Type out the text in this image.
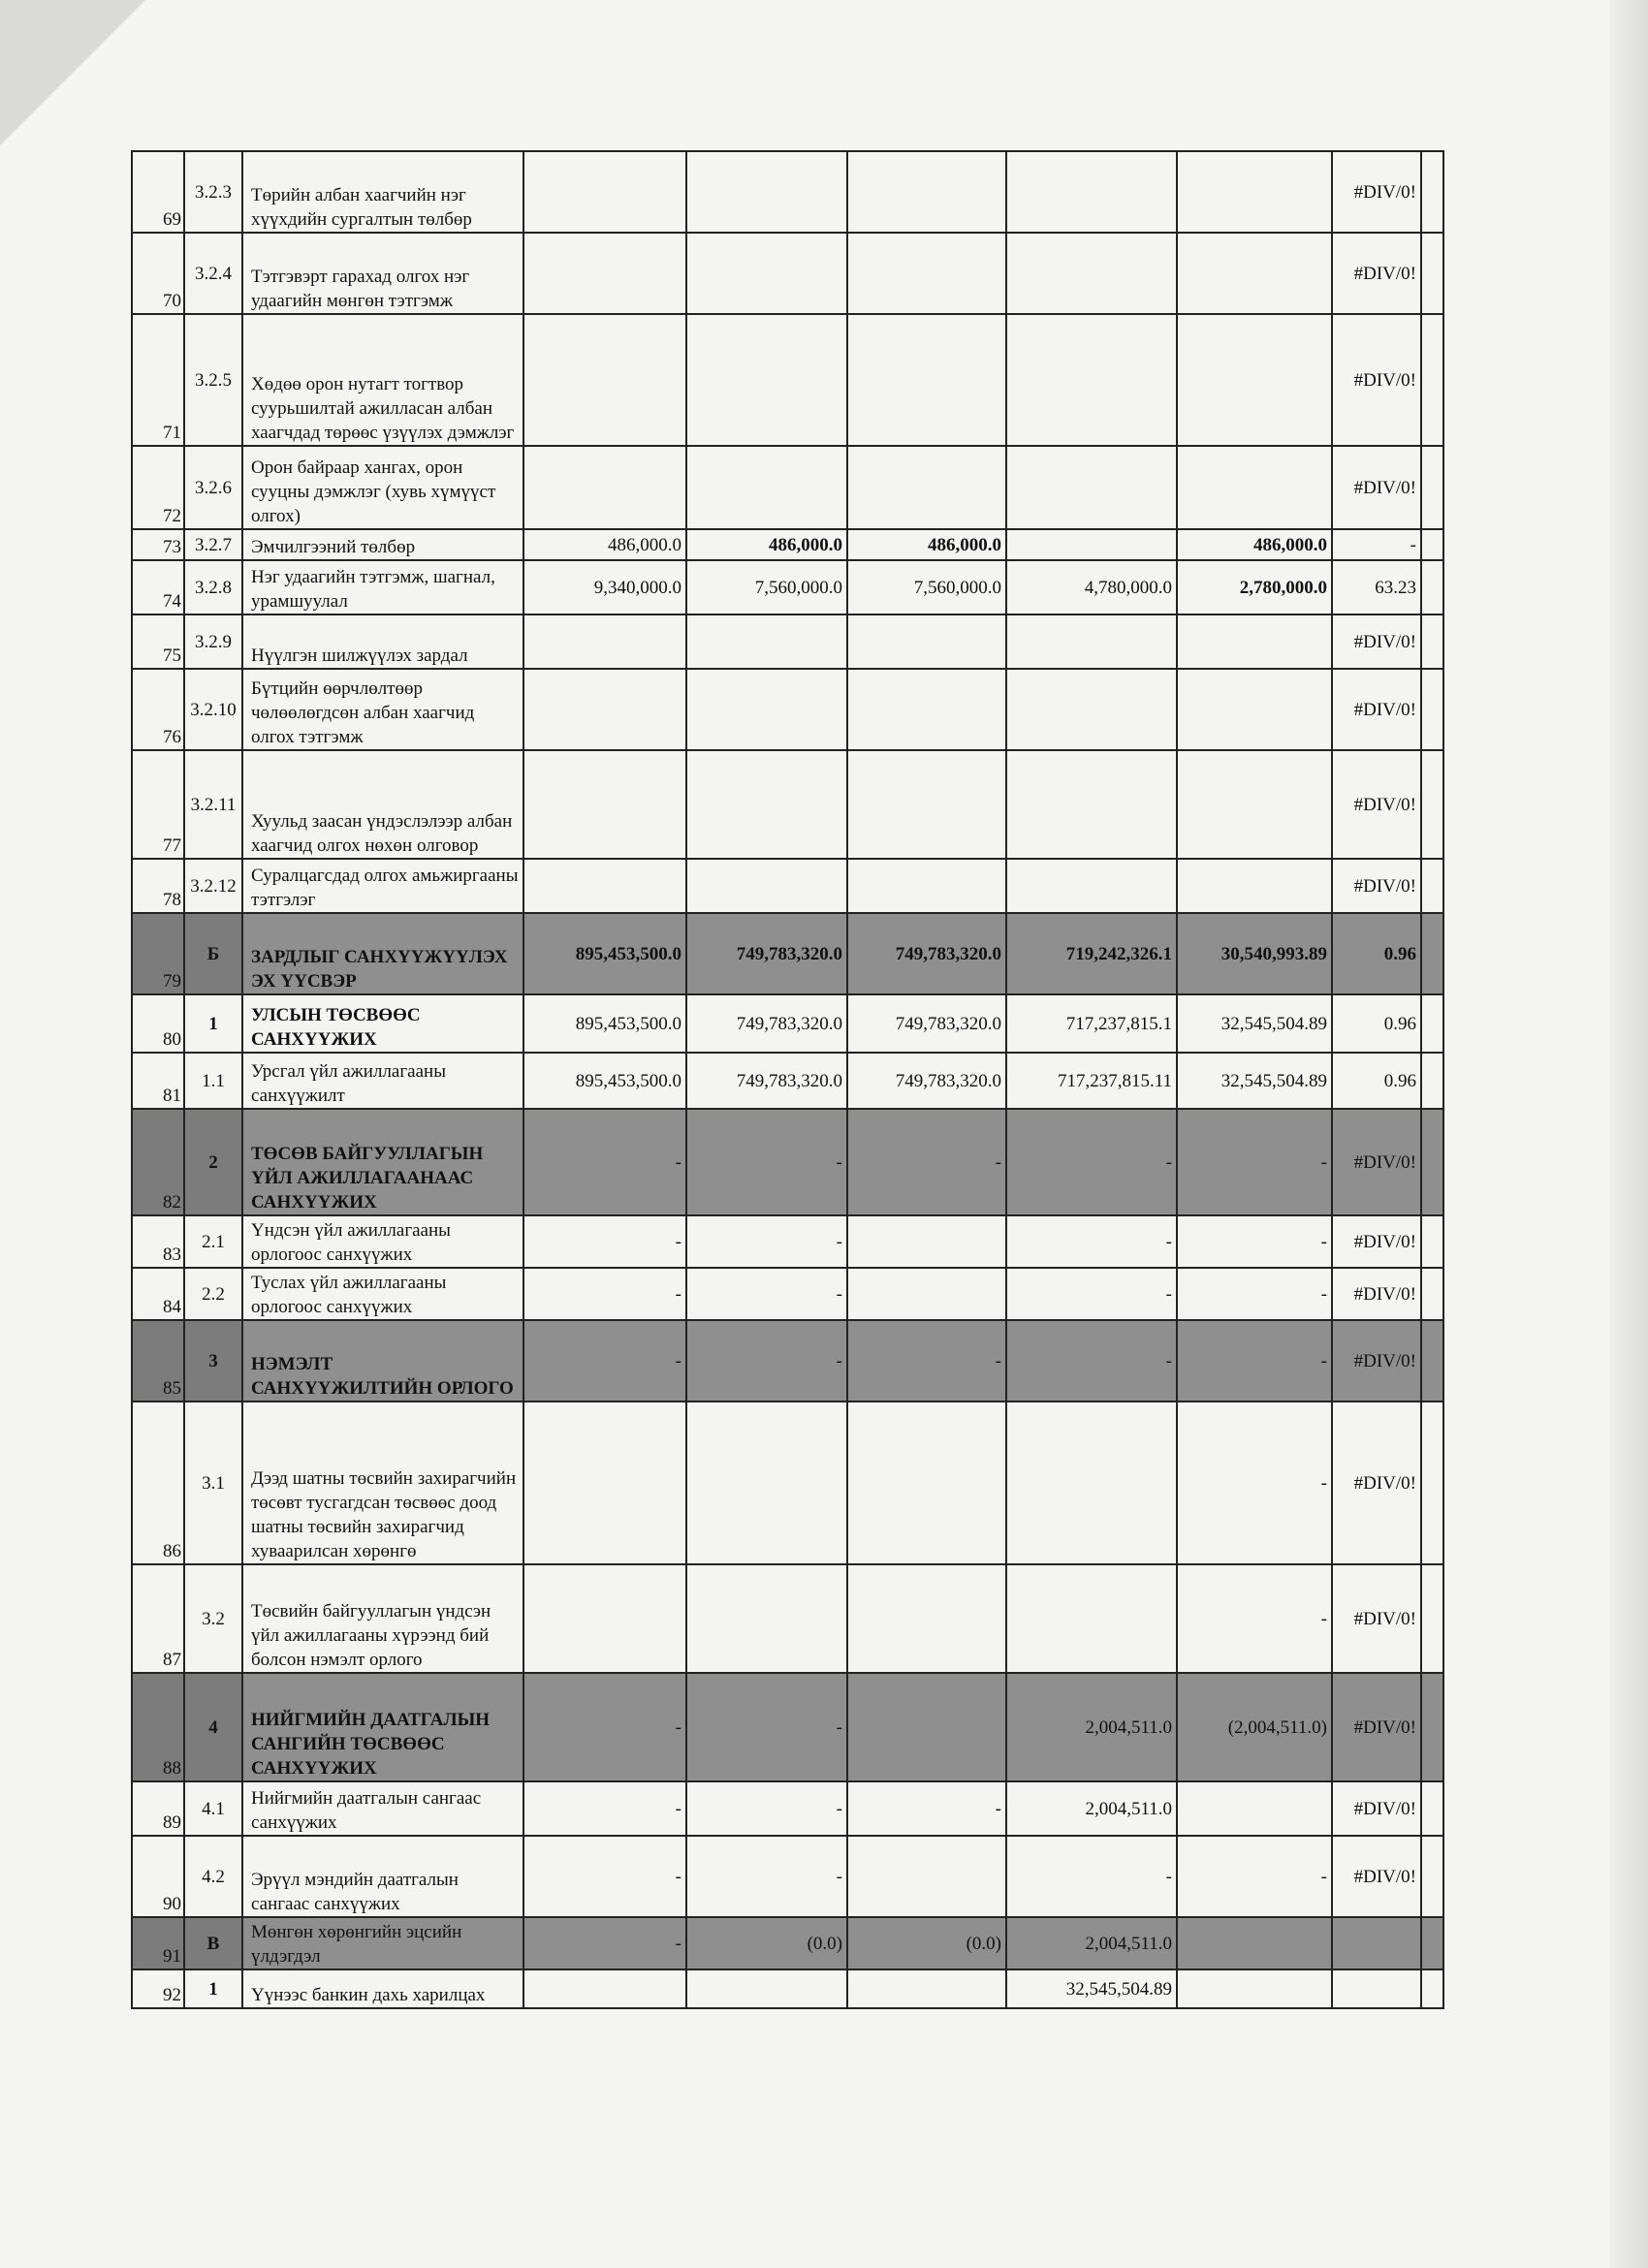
69	3.2.3	Төрийн албан хаагчийн нэг хүүхдийн сургалтын төлбөр						#DIV/0!	
70	3.2.4	Тэтгэвэрт гарахад олгох нэг удаагийн мөнгөн тэтгэмж						#DIV/0!	
71	3.2.5	Хөдөө орон нутагт тогтвор суурьшилтай ажилласан албан хаагчдад төрөөс үзүүлэх дэмжлэг						#DIV/0!	
72	3.2.6	Орон байраар хангах, орон сууцны дэмжлэг (хувь хүмүүст олгох)						#DIV/0!	
73	3.2.7	Эмчилгээний төлбөр	486,000.0	486,000.0	486,000.0		486,000.0	-	
74	3.2.8	Нэг удаагийн тэтгэмж, шагнал, урамшуулал	9,340,000.0	7,560,000.0	7,560,000.0	4,780,000.0	2,780,000.0	63.23	
75	3.2.9	Нүүлгэн шилжүүлэх зардал						#DIV/0!	
76	3.2.10	Бүтцийн өөрчлөлтөөр чөлөөлөгдсөн албан хаагчид олгох тэтгэмж						#DIV/0!	
77	3.2.11	Хуульд заасан үндэслэлээр албан хаагчид олгох нөхөн олговор						#DIV/0!	
78	3.2.12	Суралцагсдад олгох амьжиргааны тэтгэлэг						#DIV/0!	
79	Б	ЗАРДЛЫГ САНХҮҮЖҮҮЛЭХ ЭХ ҮҮСВЭР	895,453,500.0	749,783,320.0	749,783,320.0	719,242,326.1	30,540,993.89	0.96	
80	1	УЛСЫН ТӨСВӨӨС САНХҮҮЖИХ	895,453,500.0	749,783,320.0	749,783,320.0	717,237,815.1	32,545,504.89	0.96	
81	1.1	Урсгал үйл ажиллагааны санхүүжилт	895,453,500.0	749,783,320.0	749,783,320.0	717,237,815.11	32,545,504.89	0.96	
82	2	ТӨСӨВ БАЙГУУЛЛАГЫН ҮЙЛ АЖИЛЛАГААНААС САНХҮҮЖИХ	-	-	-	-	-	#DIV/0!	
83	2.1	Үндсэн үйл ажиллагааны орлогоос санхүүжих	-	-		-	-	#DIV/0!	
84	2.2	Туслах үйл ажиллагааны орлогоос санхүүжих	-	-		-	-	#DIV/0!	
85	3	НЭМЭЛТ САНХҮҮЖИЛТИЙН ОРЛОГО	-	-	-	-	-	#DIV/0!	
86	3.1	Дээд шатны төсвийн захирагчийн төсөвт тусгагдсан төсвөөс доод шатны төсвийн захирагчид хуваарилсан хөрөнгө					-	#DIV/0!	
87	3.2	Төсвийн байгууллагын үндсэн үйл ажиллагааны хүрээнд бий болсон нэмэлт орлого					-	#DIV/0!	
88	4	НИЙГМИЙН ДААТГАЛЫН САНГИЙН ТӨСВӨӨС САНХҮҮЖИХ	-	-		2,004,511.0	(2,004,511.0)	#DIV/0!	
89	4.1	Нийгмийн даатгалын сангаас санхүүжих	-	-	-	2,004,511.0		#DIV/0!	
90	4.2	Эрүүл мэндийн даатгалын сангаас санхүүжих	-	-		-	-	#DIV/0!	
91	В	Мөнгөн хөрөнгийн эцсийн үлдэгдэл	-	(0.0)	(0.0)	2,004,511.0			
92	1	Үүнээс банкин дахь харилцах				32,545,504.89			
